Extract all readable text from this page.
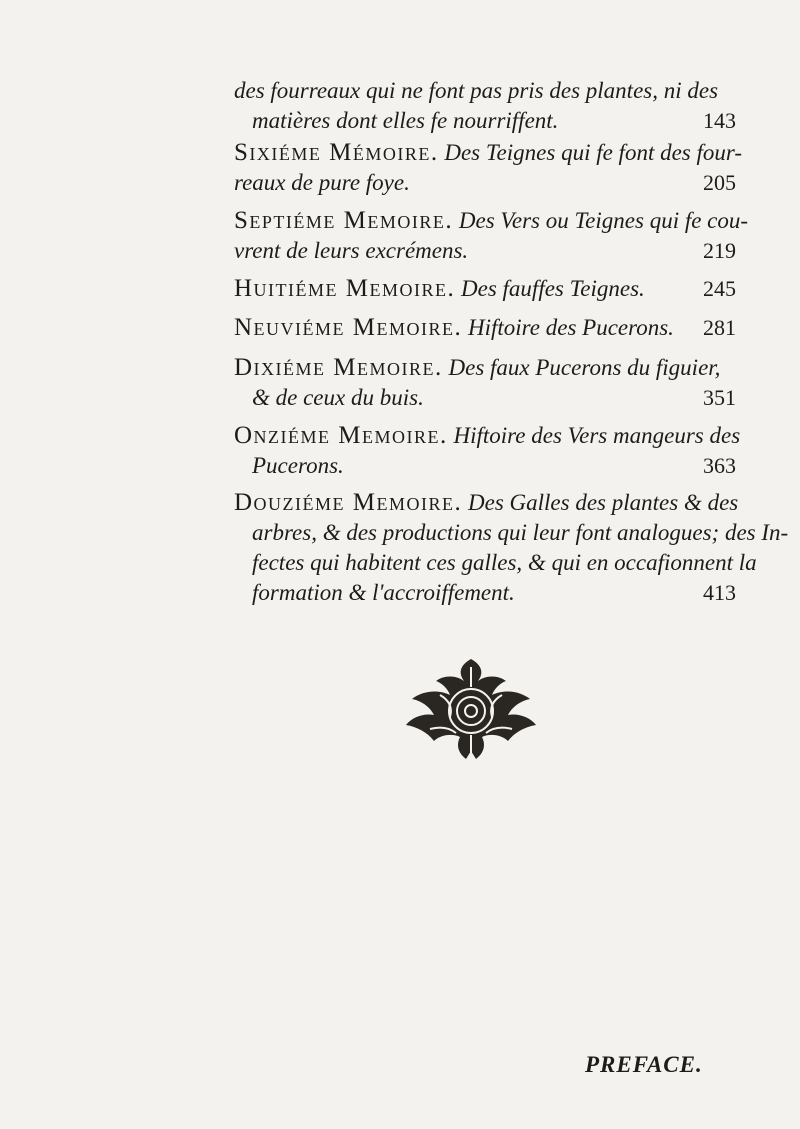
des fourreaux qui ne font pas pris des plantes, ni des
matières dont elles fe nourriffent.	143
Sixiéme Mémoire. Des Teignes qui fe font des four-
reaux de pure foye.	205
Septiéme Memoire. Des Vers ou Teignes qui fe cou-
vrent de leurs excrémens.	219
Huitiéme Memoire. Des fauffes Teignes.	245
Neuviéme Memoire. Hiftoire des Pucerons. 281
Dixiéme Memoire. Des faux Pucerons du figuier,
& de ceux du buis.	351
Onziéme Memoire. Hiftoire des Vers mangeurs des
Pucerons.	363
Douziéme Memoire. Des Galles des plantes & des
arbres, & des productions qui leur font analogues; des In-
fectes qui habitent ces galles, & qui en occafionnent la
formation & l'accroiffement.	413
PREFACE.
